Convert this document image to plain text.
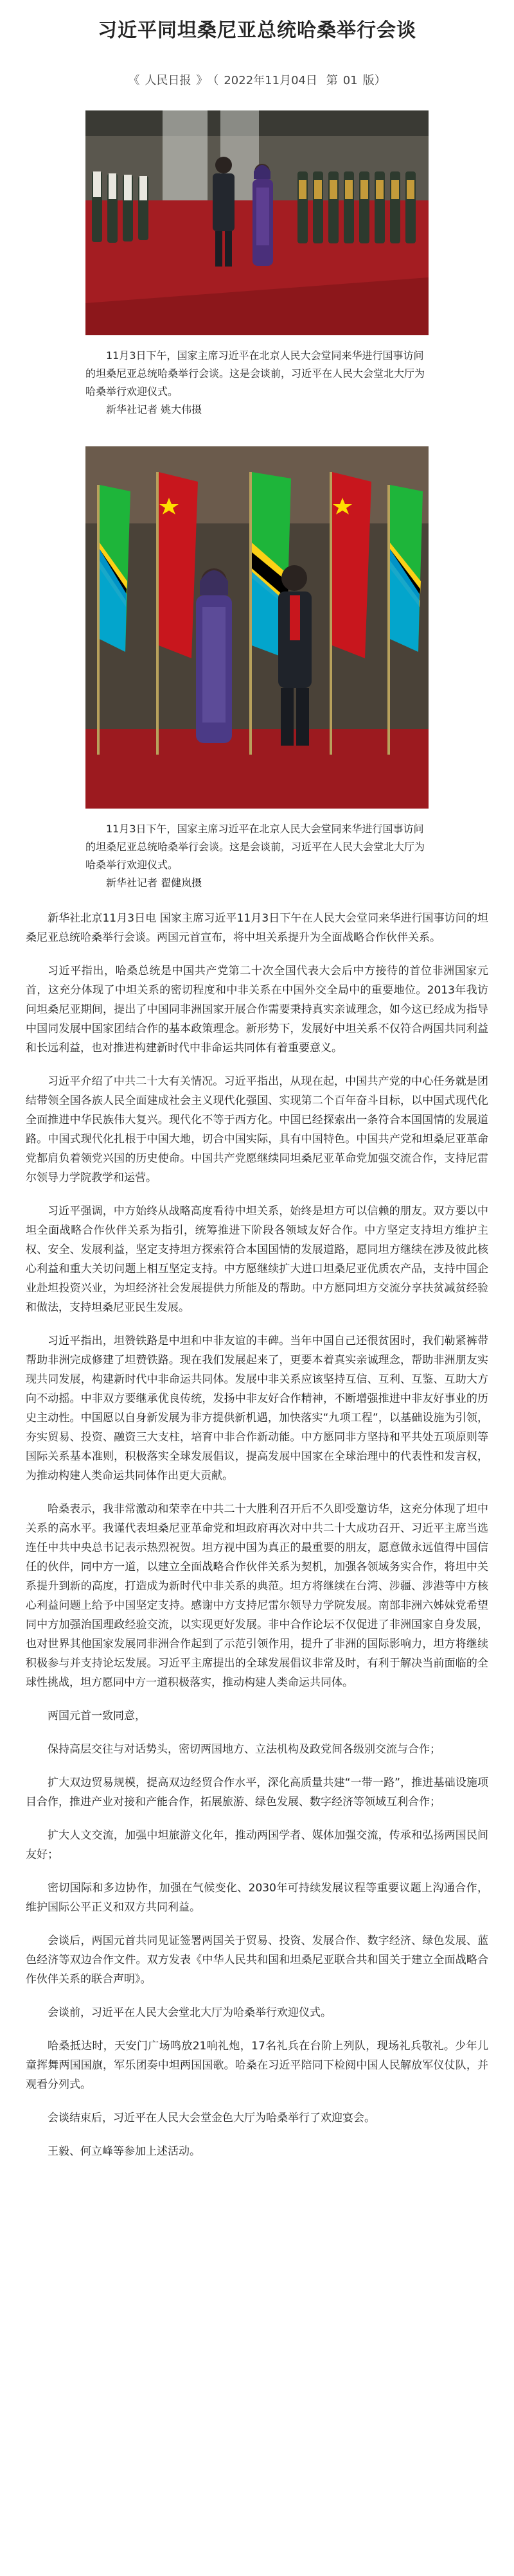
习近平同坦桑尼亚总统哈桑举行会谈
《 人民日报 》 （ 2022年11月04日 第 01 版）
11月3日下午，国家主席习近平在北京人民大会堂同来华进行国事访问的坦桑尼亚总统哈桑举行会谈。这是会谈前，习近平在人民大会堂北大厅为哈桑举行欢迎仪式。
新华社记者 姚大伟摄
11月3日下午，国家主席习近平在北京人民大会堂同来华进行国事访问的坦桑尼亚总统哈桑举行会谈。这是会谈前，习近平在人民大会堂北大厅为哈桑举行欢迎仪式。
新华社记者 翟健岚摄

新华社北京11月3日电 国家主席习近平11月3日下午在人民大会堂同来华进行国事访问的坦桑尼亚总统哈桑举行会谈。两国元首宣布，将中坦关系提升为全面战略合作伙伴关系。

习近平指出，哈桑总统是中国共产党第二十次全国代表大会后中方接待的首位非洲国家元首，这充分体现了中坦关系的密切程度和中非关系在中国外交全局中的重要地位。2013年我访问坦桑尼亚期间，提出了中国同非洲国家开展合作需要秉持真实亲诚理念，如今这已经成为指导中国同发展中国家团结合作的基本政策理念。新形势下，发展好中坦关系不仅符合两国共同利益和长远利益，也对推进构建新时代中非命运共同体有着重要意义。

习近平介绍了中共二十大有关情况。习近平指出，从现在起，中国共产党的中心任务就是团结带领全国各族人民全面建成社会主义现代化强国、实现第二个百年奋斗目标，以中国式现代化全面推进中华民族伟大复兴。现代化不等于西方化。中国已经探索出一条符合本国国情的发展道路。中国式现代化扎根于中国大地，切合中国实际，具有中国特色。中国共产党和坦桑尼亚革命党都肩负着领党兴国的历史使命。中国共产党愿继续同坦桑尼亚革命党加强交流合作，支持尼雷尔领导力学院教学和运营。

习近平强调，中方始终从战略高度看待中坦关系，始终是坦方可以信赖的朋友。双方要以中坦全面战略合作伙伴关系为指引，统筹推进下阶段各领域友好合作。中方坚定支持坦方维护主权、安全、发展利益，坚定支持坦方探索符合本国国情的发展道路，愿同坦方继续在涉及彼此核心利益和重大关切问题上相互坚定支持。中方愿继续扩大进口坦桑尼亚优质农产品，支持中国企业赴坦投资兴业，为坦经济社会发展提供力所能及的帮助。中方愿同坦方交流分享扶贫减贫经验和做法，支持坦桑尼亚民生发展。

习近平指出，坦赞铁路是中坦和中非友谊的丰碑。当年中国自己还很贫困时，我们勒紧裤带帮助非洲完成修建了坦赞铁路。现在我们发展起来了，更要本着真实亲诚理念，帮助非洲朋友实现共同发展，构建新时代中非命运共同体。发展中非关系应该坚持互信、互利、互鉴、互助大方向不动摇。中非双方要继承优良传统，发扬中非友好合作精神，不断增强推进中非友好事业的历史主动性。中国愿以自身新发展为非方提供新机遇，加快落实“九项工程”，以基础设施为引领，夯实贸易、投资、融资三大支柱，培育中非合作新动能。中方愿同非方坚持和平共处五项原则等国际关系基本准则，积极落实全球发展倡议，提高发展中国家在全球治理中的代表性和发言权，为推动构建人类命运共同体作出更大贡献。

哈桑表示，我非常激动和荣幸在中共二十大胜利召开后不久即受邀访华，这充分体现了坦中关系的高水平。我谨代表坦桑尼亚革命党和坦政府再次对中共二十大成功召开、习近平主席当选连任中共中央总书记表示热烈祝贺。坦方视中国为真正的最重要的朋友，愿意做永远值得中国信任的伙伴，同中方一道，以建立全面战略合作伙伴关系为契机，加强各领域务实合作，将坦中关系提升到新的高度，打造成为新时代中非关系的典范。坦方将继续在台湾、涉疆、涉港等中方核心利益问题上给予中国坚定支持。感谢中方支持尼雷尔领导力学院发展。南部非洲六姊妹党希望同中方加强治国理政经验交流，以实现更好发展。非中合作论坛不仅促进了非洲国家自身发展，也对世界其他国家发展同非洲合作起到了示范引领作用，提升了非洲的国际影响力，坦方将继续积极参与并支持论坛发展。习近平主席提出的全球发展倡议非常及时，有利于解决当前面临的全球性挑战，坦方愿同中方一道积极落实，推动构建人类命运共同体。

两国元首一致同意，

保持高层交往与对话势头，密切两国地方、立法机构及政党间各级别交流与合作；

扩大双边贸易规模，提高双边经贸合作水平，深化高质量共建“一带一路”，推进基础设施项目合作，推进产业对接和产能合作，拓展旅游、绿色发展、数字经济等领域互利合作；

扩大人文交流，加强中坦旅游文化年，推动两国学者、媒体加强交流，传承和弘扬两国民间友好；

密切国际和多边协作，加强在气候变化、2030年可持续发展议程等重要议题上沟通合作，维护国际公平正义和双方共同利益。

会谈后，两国元首共同见证签署两国关于贸易、投资、发展合作、数字经济、绿色发展、蓝色经济等双边合作文件。双方发表《中华人民共和国和坦桑尼亚联合共和国关于建立全面战略合作伙伴关系的联合声明》。

会谈前，习近平在人民大会堂北大厅为哈桑举行欢迎仪式。

哈桑抵达时，天安门广场鸣放21响礼炮，17名礼兵在台阶上列队，现场礼兵敬礼。少年儿童挥舞两国国旗，军乐团奏中坦两国国歌。哈桑在习近平陪同下检阅中国人民解放军仪仗队，并观看分列式。

会谈结束后，习近平在人民大会堂金色大厅为哈桑举行了欢迎宴会。

王毅、何立峰等参加上述活动。
